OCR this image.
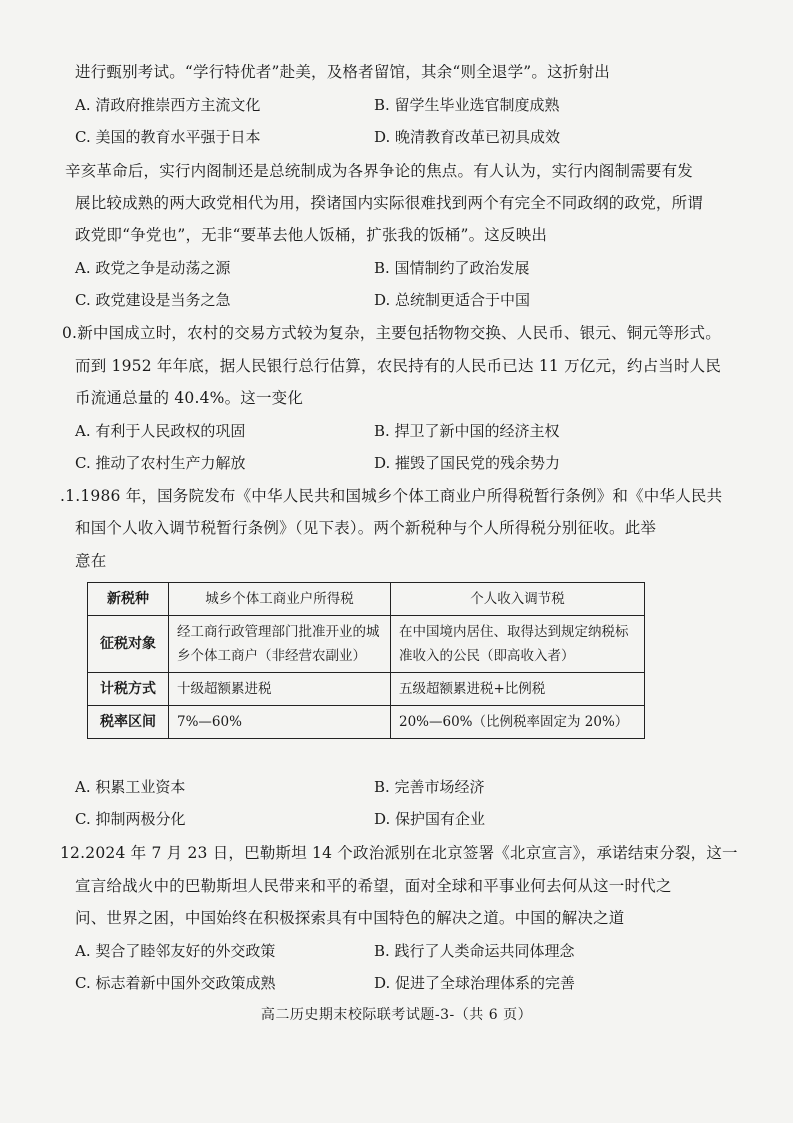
进行甄别考试。“学行特优者”赴美，及格者留馆，其余“则全退学”。这折射出
A. 清政府推崇西方主流文化	B. 留学生毕业选官制度成熟
C. 美国的教育水平强于日本	D. 晚清教育改革已初具成效
辛亥革命后，实行内阁制还是总统制成为各界争论的焦点。有人认为，实行内阁制需要有发
展比较成熟的两大政党相代为用，揆诸国内实际很难找到两个有完全不同政纲的政党，所谓
政党即“争党也”，无非“要革去他人饭桶，扩张我的饭桶”。这反映出
A. 政党之争是动荡之源	B. 国情制约了政治发展
C. 政党建设是当务之急	D. 总统制更适合于中国
0.新中国成立时，农村的交易方式较为复杂，主要包括物物交换、人民币、银元、铜元等形式。
而到 1952 年年底，据人民银行总行估算，农民持有的人民币已达 11 万亿元，约占当时人民
币流通总量的 40.4%。这一变化
A. 有利于人民政权的巩固	B. 捍卫了新中国的经济主权
C. 推动了农村生产力解放	D. 摧毁了国民党的残余势力
.1.1986 年，国务院发布《中华人民共和国城乡个体工商业户所得税暂行条例》和《中华人民共
和国个人收入调节税暂行条例》（见下表）。两个新税种与个人所得税分别征收。此举
意在
新税种	城乡个体工商业户所得税	个人收入调节税
征税对象	经工商行政管理部门批准开业的城乡个体工商户（非经营农副业）	在中国境内居住、取得达到规定纳税标准收入的公民（即高收入者）
计税方式	十级超额累进税	五级超额累进税+比例税
税率区间	7%—60%	20%—60%（比例税率固定为 20%）
A. 积累工业资本	B. 完善市场经济
C. 抑制两极分化	D. 保护国有企业
12.2024 年 7 月 23 日，巴勒斯坦 14 个政治派别在北京签署《北京宣言》，承诺结束分裂，这一
宣言给战火中的巴勒斯坦人民带来和平的希望，面对全球和平事业何去何从这一时代之
问、世界之困，中国始终在积极探索具有中国特色的解决之道。中国的解决之道
A. 契合了睦邻友好的外交政策	B. 践行了人类命运共同体理念
C. 标志着新中国外交政策成熟	D. 促进了全球治理体系的完善
高二历史期末校际联考试题-3-（共 6 页）
